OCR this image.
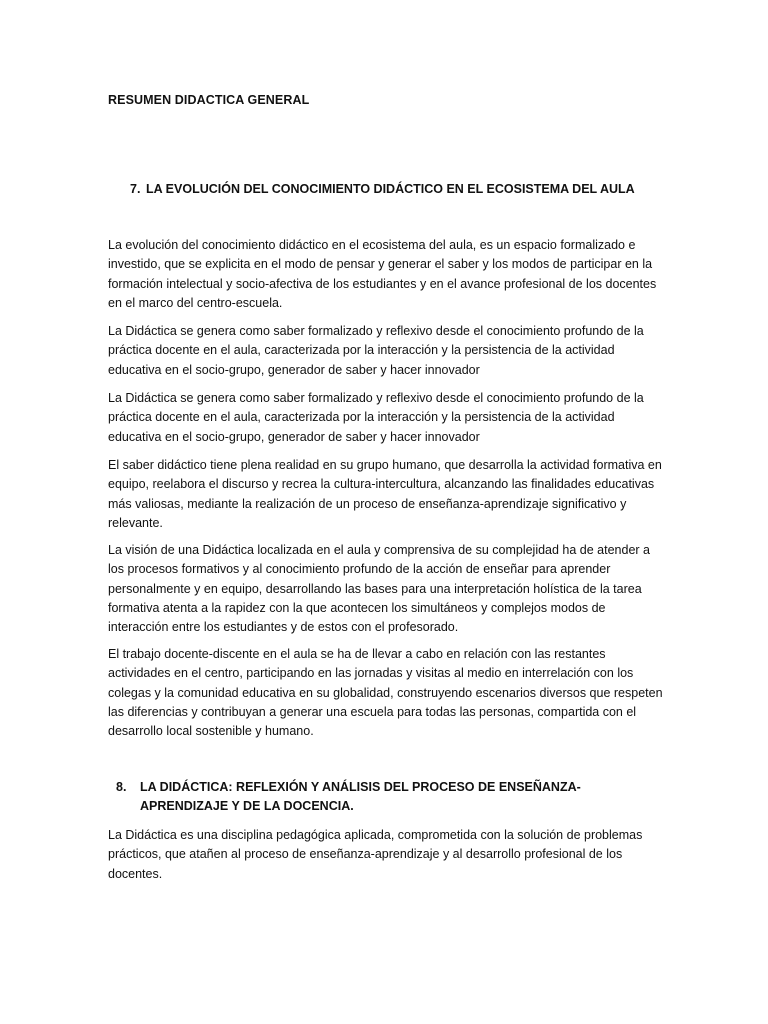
RESUMEN DIDACTICA GENERAL
7. LA EVOLUCIÓN DEL CONOCIMIENTO DIDÁCTICO EN EL ECOSISTEMA DEL AULA

La evolución del conocimiento didáctico en el ecosistema del aula, es un espacio formalizado e investido, que se explicita en el modo de pensar y generar el saber y los modos de participar en la formación intelectual y socio-afectiva de los estudiantes y en el avance profesional de los docentes en el marco del centro-escuela.

La Didáctica se genera como saber formalizado y reflexivo desde el conocimiento profundo de la práctica docente en el aula, caracterizada por la interacción y la persistencia de la actividad educativa en el socio-grupo, generador de saber y hacer innovador

La Didáctica se genera como saber formalizado y reflexivo desde el conocimiento profundo de la práctica docente en el aula, caracterizada por la interacción y la persistencia de la actividad educativa en el socio-grupo, generador de saber y hacer innovador

El saber didáctico tiene plena realidad en su grupo humano, que desarrolla la actividad formativa en equipo, reelabora el discurso y recrea la cultura-intercultura, alcanzando las finalidades educativas más valiosas, mediante la realización de un proceso de enseñanza-aprendizaje significativo y relevante.

La visión de una Didáctica localizada en el aula y comprensiva de su complejidad ha de atender a los procesos formativos y al conocimiento profundo de la acción de enseñar para aprender personalmente y en equipo, desarrollando las bases para una interpretación holística de la tarea formativa atenta a la rapidez con la que acontecen los simultáneos y complejos modos de interacción entre los estudiantes y de estos con el profesorado.

El trabajo docente-discente en el aula se ha de llevar a cabo en relación con las restantes actividades en el centro, participando en las jornadas y visitas al medio en interrelación con los colegas y la comunidad educativa en su globalidad, construyendo escenarios diversos que respeten las diferencias y contribuyan a generar una escuela para todas las personas, compartida con el desarrollo local sostenible y humano.

8.	LA DIDÁCTICA: REFLEXIÓN Y ANÁLISIS DEL PROCESO DE ENSEÑANZA-APRENDIZAJE Y DE LA DOCENCIA.

La Didáctica es una disciplina pedagógica aplicada, comprometida con la solución de problemas prácticos, que atañen al proceso de enseñanza-aprendizaje y al desarrollo profesional de los docentes.
